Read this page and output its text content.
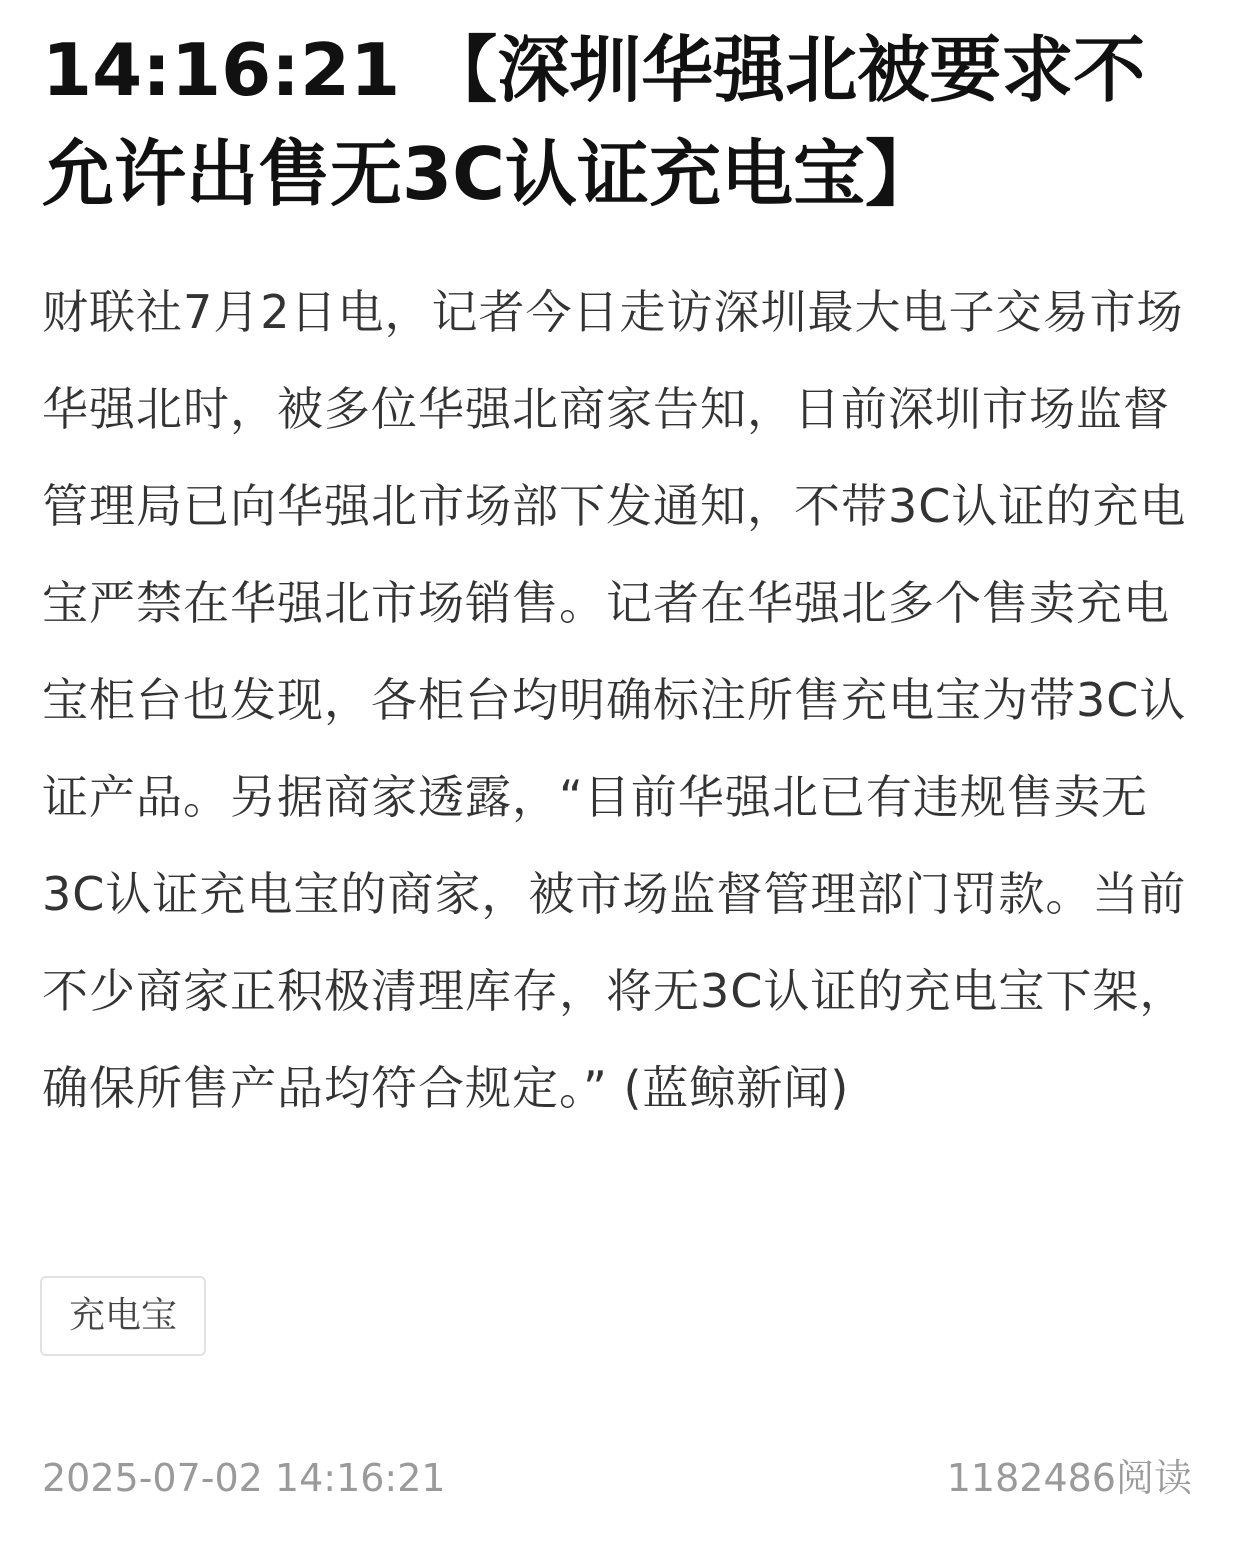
14:16:21 【深圳华强北被要求不允许出售无3C认证充电宝】

财联社7月2日电，记者今日走访深圳最大电子交易市场华强北时，被多位华强北商家告知，日前深圳市场监督管理局已向华强北市场部下发通知，不带3C认证的充电宝严禁在华强北市场销售。记者在华强北多个售卖充电宝柜台也发现，各柜台均明确标注所售充电宝为带3C认证产品。另据商家透露，“目前华强北已有违规售卖无3C认证充电宝的商家，被市场监督管理部门罚款。当前不少商家正积极清理库存，将无3C认证的充电宝下架，确保所售产品均符合规定。” (蓝鲸新闻)

充电宝
2025-07-02 14:16:21	1182486阅读
